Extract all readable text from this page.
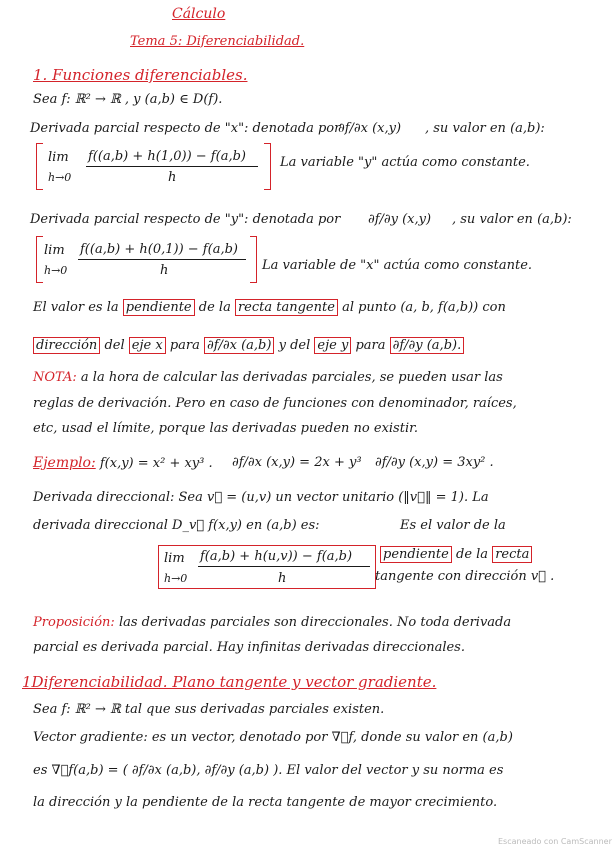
Cálculo
Tema 5: Diferenciabilidad.
1. Funciones diferenciables.
Sea f: ℝ² → ℝ , y (a,b) ∈ D(f).
Derivada parcial respecto de "x": denotada por
∂f/∂x (x,y) , su valor en (a,b):
lim
h→0
f((a,b) + h(1,0)) − f(a,b)
h
La variable "y" actúa como constante.
Derivada parcial respecto de "y": denotada por ∂f/∂y (x,y) , su valor en (a,b):
lim
h→0
f((a,b) + h(0,1)) − f(a,b)
h	La variable de "x" actúa como constante.
El valor es la pendiente de la recta tangente al punto (a, b, f(a,b)) con
dirección del eje x para ∂f/∂x (a,b) y del eje y para ∂f/∂y (a,b).
NOTA: a la hora de calcular las derivadas parciales, se pueden usar las
reglas de derivación. Pero en caso de funciones con denominador, raíces,
etc, usad el límite, porque las derivadas pueden no existir.
Ejemplo: f(x,y) = x² + xy³ . ∂f/∂x (x,y) = 2x + y³ ∂f/∂y (x,y) = 3xy² .
Derivada direccional: Sea v⃗ = (u,v) un vector unitario (‖v⃗‖ = 1). La
derivada direccional D_v⃗ f(x,y) en (a,b) es:	Es el valor de la
lim
h→0
f(a,b) + h(u,v)) − f(a,b)
h
pendiente de la recta
tangente con dirección v⃗ .
Proposición: las derivadas parciales son direccionales. No toda derivada
parcial es derivada parcial. Hay infinitas derivadas direccionales.
1Diferenciabilidad. Plano tangente y vector gradiente.
Sea f: ℝ² → ℝ tal que sus derivadas parciales existen.
Vector gradiente: es un vector, denotado por ∇⃗f, donde su valor en (a,b)
es ∇⃗f(a,b) = ( ∂f/∂x (a,b), ∂f/∂y (a,b) ). El valor del vector y su norma es
la dirección y la pendiente de la recta tangente de mayor crecimiento.
Escaneado con CamScanner
